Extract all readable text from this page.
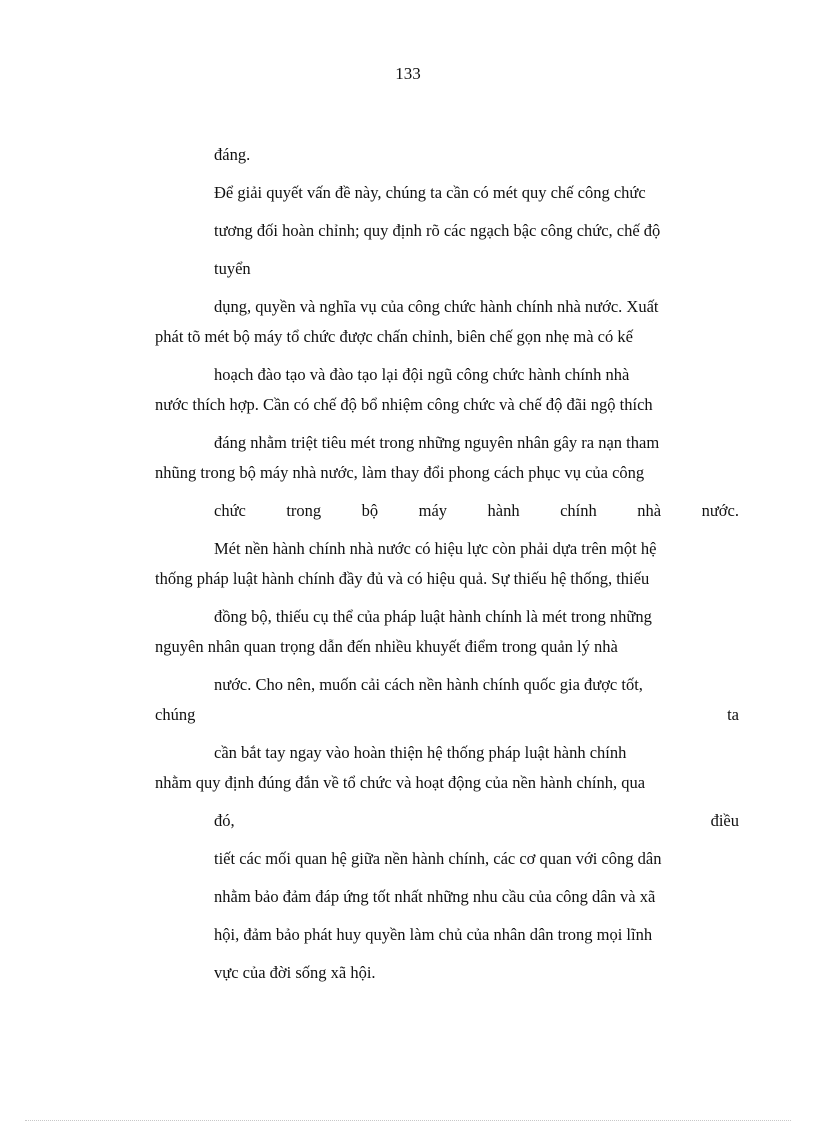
133
đáng.
Để giải quyết vấn đề này, chúng ta cần có mét quy chế công chức
tương đối hoàn chỉnh; quy định rõ các ngạch bậc công chức, chế độ
tuyển
dụng, quyền và nghĩa vụ của công chức hành chính nhà nước. Xuất
phát tõ mét bộ máy tổ chức được chấn chỉnh, biên chế gọn nhẹ mà có kế
hoạch đào tạo và đào tạo lại đội ngũ công chức hành chính nhà
nước thích hợp. Cần có chế độ bổ nhiệm công chức và chế độ đãi ngộ thích
đáng nhằm triệt tiêu mét trong những nguyên nhân gây ra nạn tham
nhũng trong bộ máy nhà nước, làm thay đổi phong cách phục vụ của công
chức trong bộ máy hành chính nhà nước.
Mét nền hành chính nhà nước có hiệu lực còn phải dựa trên một hệ
thống pháp luật hành chính đầy đủ và có hiệu quả. Sự thiếu hệ thống, thiếu
đồng bộ, thiếu cụ thể của pháp luật hành chính là mét trong những
nguyên nhân quan trọng dẫn đến nhiều khuyết điểm trong quản lý nhà
nước. Cho nên, muốn cải cách nền hành chính quốc gia được tốt,
chúng	ta
cần bắt tay ngay vào hoàn thiện hệ thống pháp luật hành chính
nhằm quy định đúng đắn về tổ chức và hoạt động của nền hành chính, qua
đó,	điều
tiết các mối quan hệ giữa nền hành chính, các cơ quan với công dân
nhằm bảo đảm đáp ứng tốt nhất những nhu cầu của công dân và xã
hội, đảm bảo phát huy quyền làm chủ của nhân dân trong mọi lĩnh
vực của đời sống xã hội.
